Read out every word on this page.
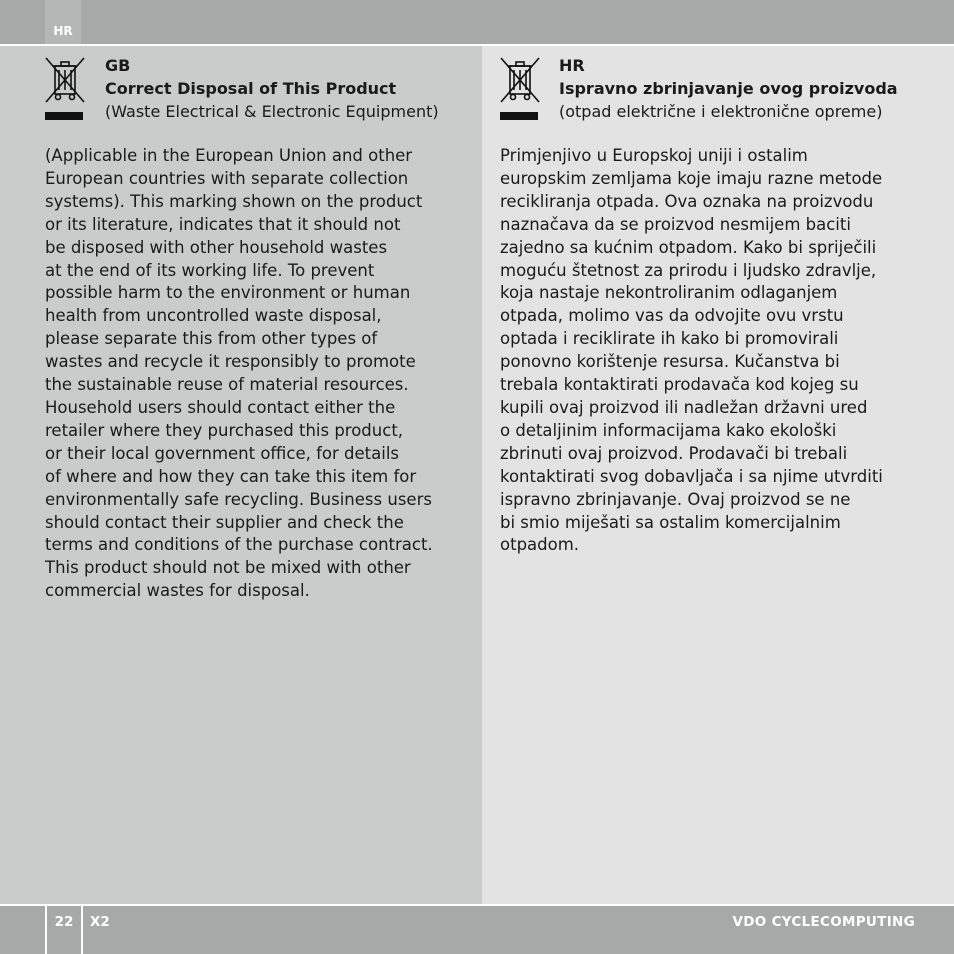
HR
GB
Correct Disposal of This Product
(Waste Electrical & Electronic Equipment)

(Applicable in the European Union and other
European countries with separate collection
systems). This marking shown on the product
or its literature, indicates that it should not
be disposed with other household wastes
at the end of its working life. To prevent
possible harm to the environment or human
health from uncontrolled waste disposal,
please separate this from other types of
wastes and recycle it responsibly to promote
the sustainable reuse of material resources.
Household users should contact either the
retailer where they purchased this product,
or their local government office, for details
of where and how they can take this item for
environmentally safe recycling. Business users
should contact their supplier and check the
terms and conditions of the purchase contract.
This product should not be mixed with other
commercial wastes for disposal.

HR
Ispravno zbrinjavanje ovog proizvoda
(otpad električne i elektronične opreme)

Primjenjivo u Europskoj uniji i ostalim
europskim zemljama koje imaju razne metode
recikliranja otpada. Ova oznaka na proizvodu
naznačava da se proizvod nesmijem baciti
zajedno sa kućnim otpadom. Kako bi spriječili
moguću štetnost za prirodu i ljudsko zdravlje,
koja nastaje nekontroliranim odlaganjem
otpada, molimo vas da odvojite ovu vrstu
optada i reciklirate ih kako bi promovirali
ponovno korištenje resursa. Kučanstva bi
trebala kontaktirati prodavača kod kojeg su
kupili ovaj proizvod ili nadležan državni ured
o detaljinim informacijama kako ekološki
zbrinuti ovaj proizvod. Prodavači bi trebali
kontaktirati svog dobavljača i sa njime utvrditi
ispravno zbrinjavanje. Ovaj proizvod se ne
bi smio miješati sa ostalim komercijalnim
otpadom.

22	X2	VDO CYCLECOMPUTING
